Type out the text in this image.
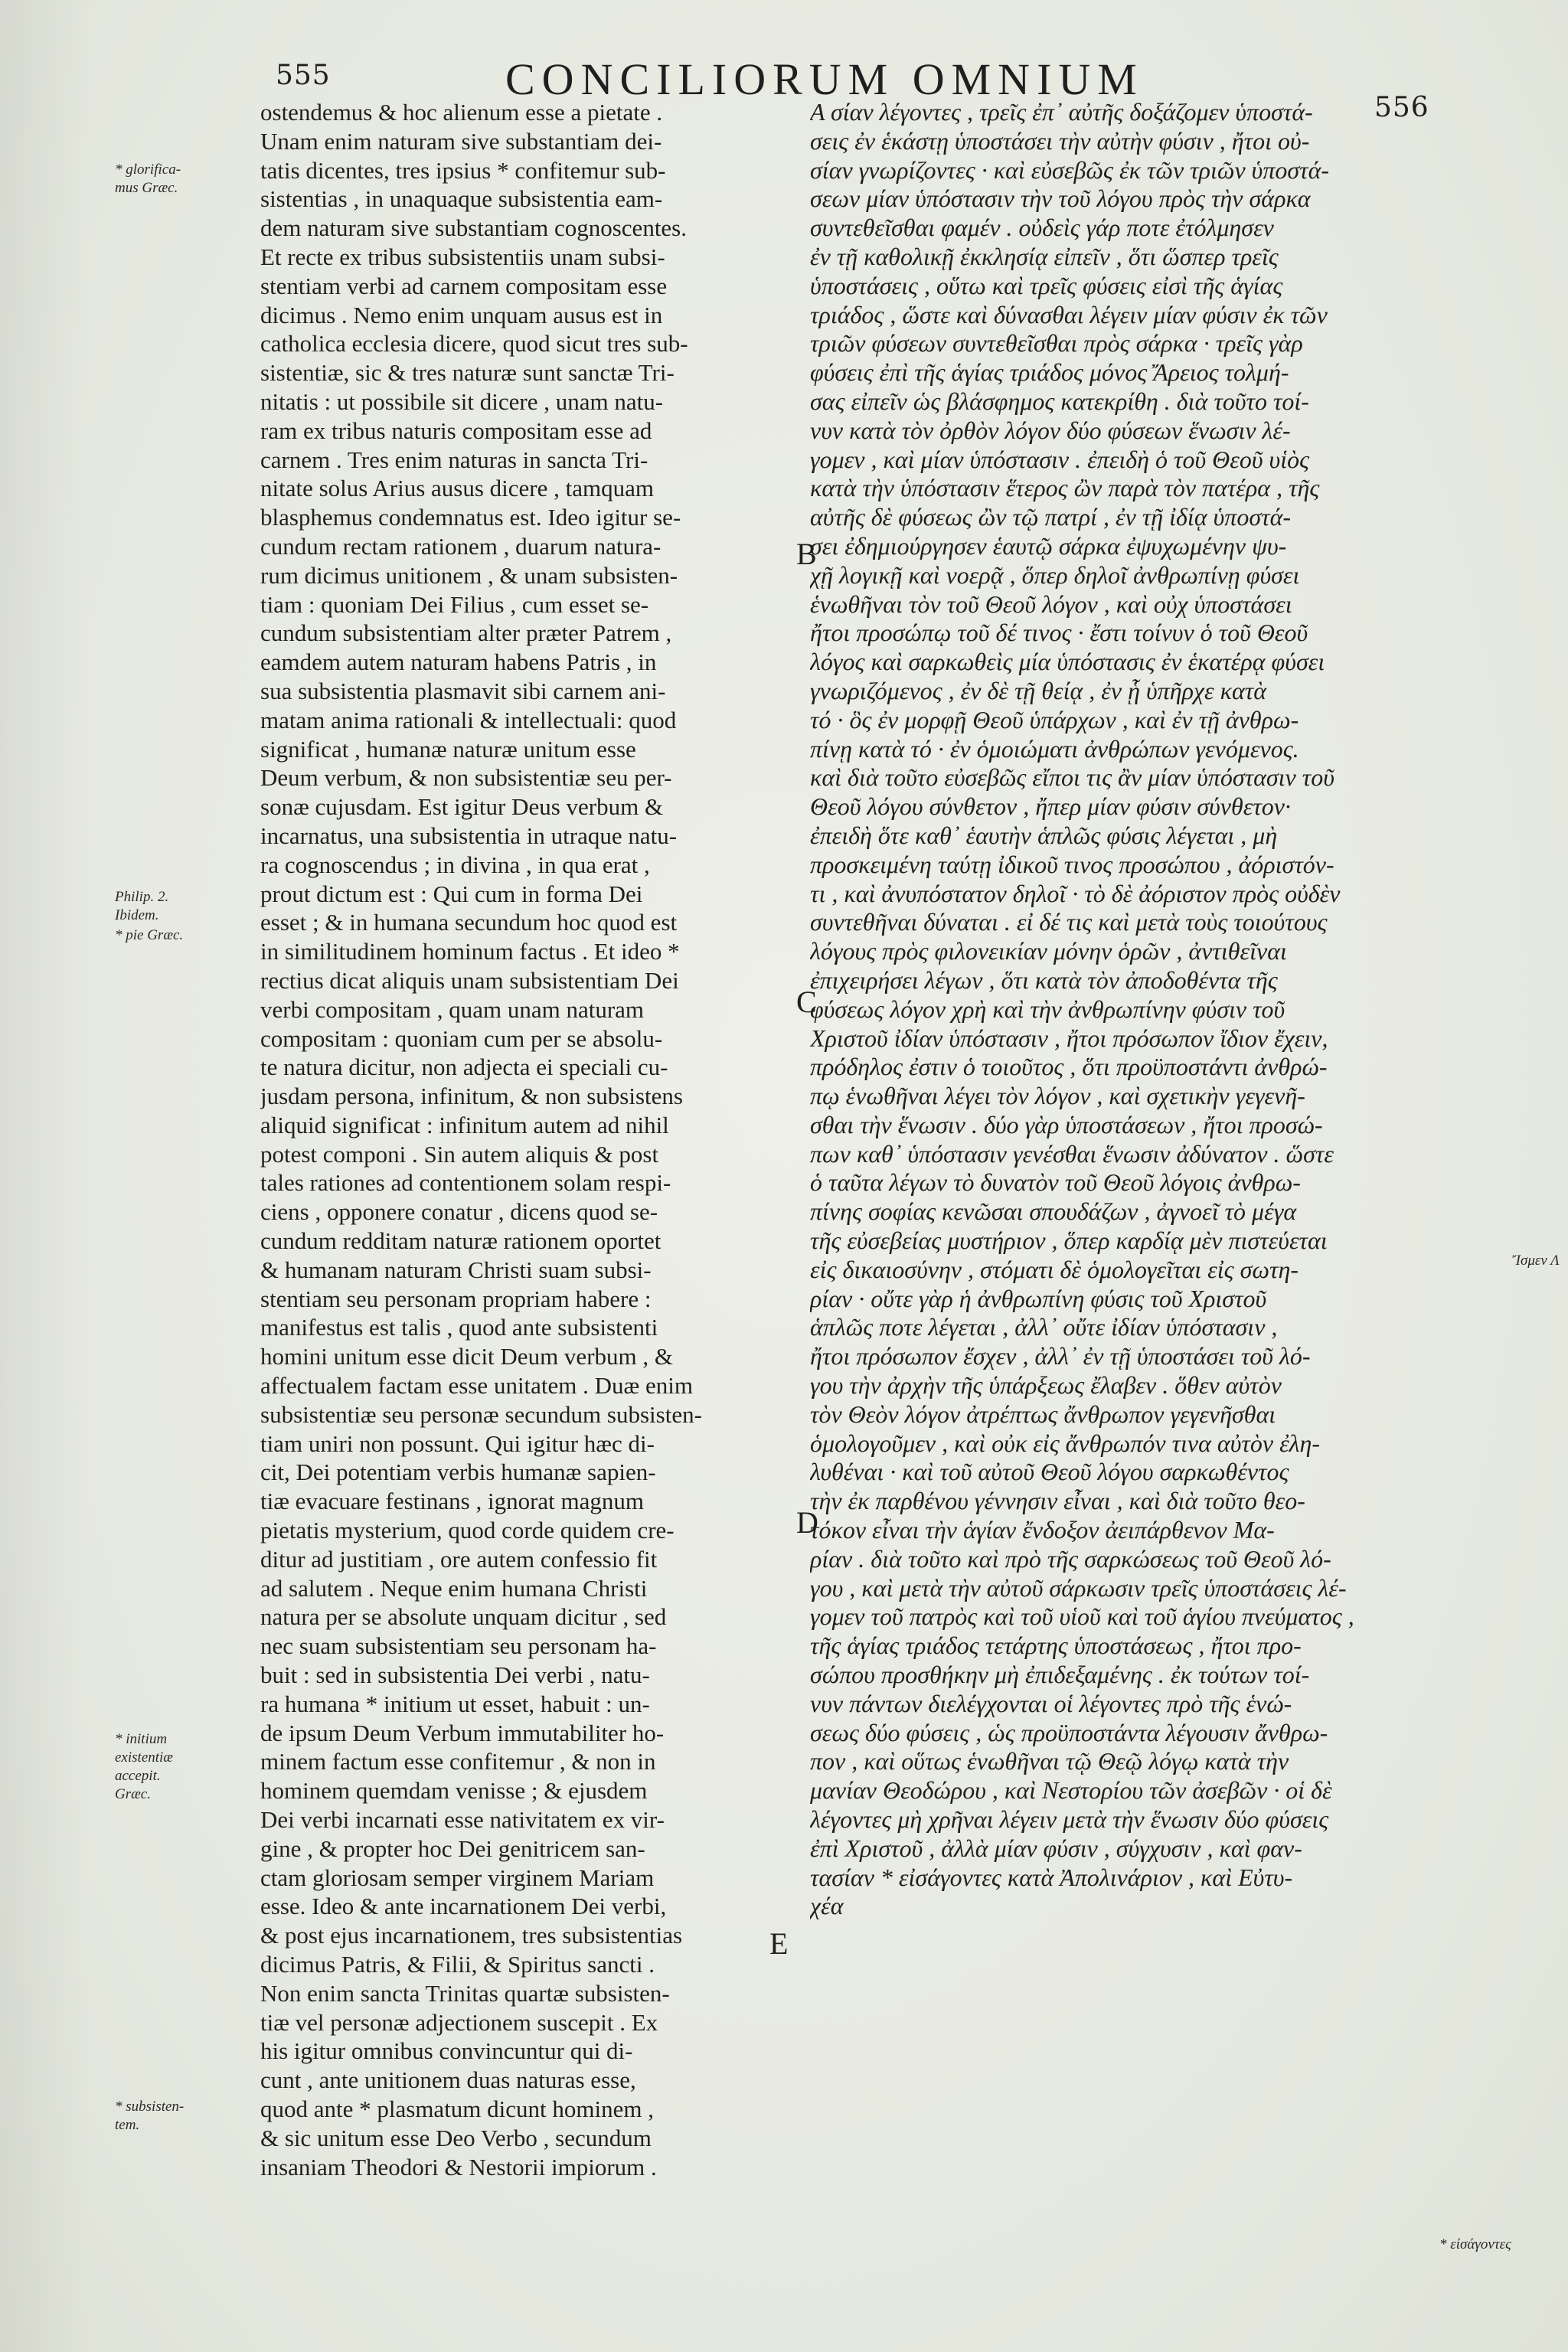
555	CONCILIORUM OMNIUM
556
* glorifica-
mus Græc.
Philip. 2.
Ibidem.
* pie Græc.
* initium
existentiæ
accepit.
Græc.
* subsisten-
tem.
Ἴσμεν Λ
* εἰσάγοντες
B
C
D
E
ostendemus & hoc alienum esse a pietate .
Unam enim naturam sive substantiam dei-
tatis dicentes, tres ipsius * confitemur sub-
sistentias , in unaquaque subsistentia eam-
dem naturam sive substantiam cognoscentes.
Et recte ex tribus subsistentiis unam subsi-
stentiam verbi ad carnem compositam esse
dicimus . Nemo enim unquam ausus est in
catholica ecclesia dicere, quod sicut tres sub-
sistentiæ, sic & tres naturæ sunt sanctæ Tri-
nitatis : ut possibile sit dicere , unam natu-
ram ex tribus naturis compositam esse ad
carnem . Tres enim naturas in sancta Tri-
nitate solus Arius ausus dicere , tamquam
blasphemus condemnatus est. Ideo igitur se-
cundum rectam rationem , duarum natura-
rum dicimus unitionem , & unam subsisten-
tiam : quoniam Dei Filius , cum esset se-
cundum subsistentiam alter præter Patrem ,
eamdem autem naturam habens Patris , in
sua subsistentia plasmavit sibi carnem ani-
matam anima rationali & intellectuali: quod
significat , humanæ naturæ unitum esse
Deum verbum, & non subsistentiæ seu per-
sonæ cujusdam. Est igitur Deus verbum &
incarnatus, una subsistentia in utraque natu-
ra cognoscendus ; in divina , in qua erat ,
prout dictum est : Qui cum in forma Dei
esset ; & in humana secundum hoc quod est
in similitudinem hominum factus . Et ideo *
rectius dicat aliquis unam subsistentiam Dei
verbi compositam , quam unam naturam
compositam : quoniam cum per se absolu-
te natura dicitur, non adjecta ei speciali cu-
jusdam persona, infinitum, & non subsistens
aliquid significat : infinitum autem ad nihil
potest componi . Sin autem aliquis & post
tales rationes ad contentionem solam respi-
ciens , opponere conatur , dicens quod se-
cundum redditam naturæ rationem oportet
& humanam naturam Christi suam subsi-
stentiam seu personam propriam habere :
manifestus est talis , quod ante subsistenti
homini unitum esse dicit Deum verbum , &
affectualem factam esse unitatem . Duæ enim
subsistentiæ seu personæ secundum subsisten-
tiam uniri non possunt. Qui igitur hæc di-
cit, Dei potentiam verbis humanæ sapien-
tiæ evacuare festinans , ignorat magnum
pietatis mysterium, quod corde quidem cre-
ditur ad justitiam , ore autem confessio fit
ad salutem . Neque enim humana Christi
natura per se absolute unquam dicitur , sed
nec suam subsistentiam seu personam ha-
buit : sed in subsistentia Dei verbi , natu-
ra humana * initium ut esset, habuit : un-
de ipsum Deum Verbum immutabiliter ho-
minem factum esse confitemur , & non in
hominem quemdam venisse ; & ejusdem
Dei verbi incarnati esse nativitatem ex vir-
gine , & propter hoc Dei genitricem san-
ctam gloriosam semper virginem Mariam
esse. Ideo & ante incarnationem Dei verbi,
& post ejus incarnationem, tres subsistentias
dicimus Patris, & Filii, & Spiritus sancti .
Non enim sancta Trinitas quartæ subsisten-
tiæ vel personæ adjectionem suscepit . Ex
his igitur omnibus convincuntur qui di-
cunt , ante unitionem duas naturas esse,
quod ante * plasmatum dicunt hominem ,
& sic unitum esse Deo Verbo , secundum
insaniam Theodori & Nestorii impiorum .
Α σίαν λέγοντες , τρεῖς ἐπ᾽ αὐτῆς δοξάζομεν ὑποστά-
σεις ἐν ἑκάστῃ ὑποστάσει τὴν αὐτὴν φύσιν , ἤτοι οὐ-
σίαν γνωρίζοντες · καὶ εὐσεβῶς ἐκ τῶν τριῶν ὑποστά-
σεων μίαν ὑπόστασιν τὴν τοῦ λόγου πρὸς τὴν σάρκα
συντεθεῖσθαι φαμέν . οὐδεὶς γάρ ποτε ἐτόλμησεν
ἐν τῇ καθολικῇ ἐκκλησίᾳ εἰπεῖν , ὅτι ὥσπερ τρεῖς
ὑποστάσεις , οὕτω καὶ τρεῖς φύσεις εἰσὶ τῆς ἁγίας
τριάδος , ὥστε καὶ δύνασθαι λέγειν μίαν φύσιν ἐκ τῶν
τριῶν φύσεων συντεθεῖσθαι πρὸς σάρκα · τρεῖς γὰρ
φύσεις ἐπὶ τῆς ἁγίας τριάδος μόνος Ἄρειος τολμή-
σας εἰπεῖν ὡς βλάσφημος κατεκρίθη . διὰ τοῦτο τοί-
νυν κατὰ τὸν ὀρθὸν λόγον δύο φύσεων ἕνωσιν λέ-
γομεν , καὶ μίαν ὑπόστασιν . ἐπειδὴ ὁ τοῦ Θεοῦ υἱὸς
κατὰ τὴν ὑπόστασιν ἕτερος ὢν παρὰ τὸν πατέρα , τῆς
αὐτῆς δὲ φύσεως ὢν τῷ πατρί , ἐν τῇ ἰδίᾳ ὑποστά-
σει ἐδημιούργησεν ἑαυτῷ σάρκα ἐψυχωμένην ψυ-
χῇ λογικῇ καὶ νοερᾷ , ὅπερ δηλοῖ ἀνθρωπίνῃ φύσει
ἑνωθῆναι τὸν τοῦ Θεοῦ λόγον , καὶ οὐχ ὑποστάσει
ἤτοι προσώπῳ τοῦ δέ τινος · ἔστι τοίνυν ὁ τοῦ Θεοῦ
λόγος καὶ σαρκωθεὶς μία ὑπόστασις ἐν ἑκατέρᾳ φύσει
γνωριζόμενος , ἐν δὲ τῇ θείᾳ , ἐν ᾗ ὑπῆρχε κατὰ
τό · ὃς ἐν μορφῇ Θεοῦ ὑπάρχων , καὶ ἐν τῇ ἀνθρω-
πίνῃ κατὰ τό · ἐν ὁμοιώματι ἀνθρώπων γενόμενος.
καὶ διὰ τοῦτο εὐσεβῶς εἴποι τις ἂν μίαν ὑπόστασιν τοῦ
Θεοῦ λόγου σύνθετον , ἤπερ μίαν φύσιν σύνθετον·
ἐπειδὴ ὅτε καθ᾽ ἑαυτὴν ἁπλῶς φύσις λέγεται , μὴ
προσκειμένη ταύτῃ ἰδικοῦ τινος προσώπου , ἀόριστόν-
τι , καὶ ἀνυπόστατον δηλοῖ · τὸ δὲ ἀόριστον πρὸς οὐδὲν
συντεθῆναι δύναται . εἰ δέ τις καὶ μετὰ τοὺς τοιούτους
λόγους πρὸς φιλονεικίαν μόνην ὁρῶν , ἀντιθεῖναι
ἐπιχειρήσει λέγων , ὅτι κατὰ τὸν ἀποδοθέντα τῆς
φύσεως λόγον χρὴ καὶ τὴν ἀνθρωπίνην φύσιν τοῦ
Χριστοῦ ἰδίαν ὑπόστασιν , ἤτοι πρόσωπον ἴδιον ἔχειν,
πρόδηλος ἐστιν ὁ τοιοῦτος , ὅτι προϋποστάντι ἀνθρώ-
πῳ ἑνωθῆναι λέγει τὸν λόγον , καὶ σχετικὴν γεγενῆ-
σθαι τὴν ἕνωσιν . δύο γὰρ ὑποστάσεων , ἤτοι προσώ-
πων καθ᾽ ὑπόστασιν γενέσθαι ἕνωσιν ἀδύνατον . ὥστε
ὁ ταῦτα λέγων τὸ δυνατὸν τοῦ Θεοῦ λόγοις ἀνθρω-
πίνης σοφίας κενῶσαι σπουδάζων , ἀγνοεῖ τὸ μέγα
τῆς εὐσεβείας μυστήριον , ὅπερ καρδίᾳ μὲν πιστεύεται
εἰς δικαιοσύνην , στόματι δὲ ὁμολογεῖται εἰς σωτη-
ρίαν · οὔτε γὰρ ἡ ἀνθρωπίνη φύσις τοῦ Χριστοῦ
ἁπλῶς ποτε λέγεται , ἀλλ᾽ οὔτε ἰδίαν ὑπόστασιν ,
ἤτοι πρόσωπον ἔσχεν , ἀλλ᾽ ἐν τῇ ὑποστάσει τοῦ λό-
γου τὴν ἀρχὴν τῆς ὑπάρξεως ἔλαβεν . ὅθεν αὐτὸν
τὸν Θεὸν λόγον ἀτρέπτως ἄνθρωπον γεγενῆσθαι
ὁμολογοῦμεν , καὶ οὐκ εἰς ἄνθρωπόν τινα αὐτὸν ἐλη-
λυθέναι · καὶ τοῦ αὐτοῦ Θεοῦ λόγου σαρκωθέντος
τὴν ἐκ παρθένου γέννησιν εἶναι , καὶ διὰ τοῦτο θεο-
τόκον εἶναι τὴν ἁγίαν ἔνδοξον ἀειπάρθενον Μα-
ρίαν . διὰ τοῦτο καὶ πρὸ τῆς σαρκώσεως τοῦ Θεοῦ λό-
γου , καὶ μετὰ τὴν αὐτοῦ σάρκωσιν τρεῖς ὑποστάσεις λέ-
γομεν τοῦ πατρὸς καὶ τοῦ υἱοῦ καὶ τοῦ ἁγίου πνεύματος ,
τῆς ἁγίας τριάδος τετάρτης ὑποστάσεως , ἤτοι προ-
σώπου προσθήκην μὴ ἐπιδεξαμένης . ἐκ τούτων τοί-
νυν πάντων διελέγχονται οἱ λέγοντες πρὸ τῆς ἑνώ-
σεως δύο φύσεις , ὡς προϋποστάντα λέγουσιν ἄνθρω-
πον , καὶ οὕτως ἑνωθῆναι τῷ Θεῷ λόγῳ κατὰ τὴν
μανίαν Θεοδώρου , καὶ Νεστορίου τῶν ἀσεβῶν · οἱ δὲ
λέγοντες μὴ χρῆναι λέγειν μετὰ τὴν ἕνωσιν δύο φύσεις
ἐπὶ Χριστοῦ , ἀλλὰ μίαν φύσιν , σύγχυσιν , καὶ φαν-
τασίαν * εἰσάγοντες κατὰ Ἀπολινάριον , καὶ Εὐτυ-
χέα
